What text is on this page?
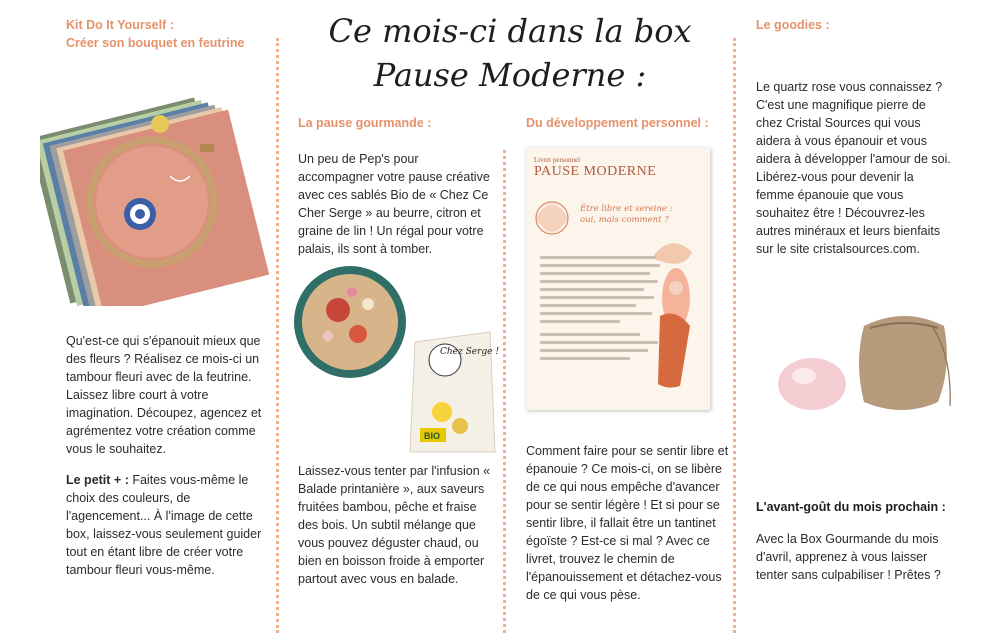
Ce mois-ci dans la box
Pause Moderne :
Kit Do It Yourself :
Créer son bouquet en feutrine
Qu'est-ce qui s'épanouit mieux que des fleurs ? Réalisez ce mois-ci un tambour fleuri avec de la feutrine. Laissez libre court à votre imagination. Découpez, agencez et agrémentez votre création comme vous le souhaitez.
Le petit + : Faites vous-même le choix des couleurs, de l'agencement... À l'image de cette box, laissez-vous seulement guider tout en étant libre de créer votre tambour fleuri vous-même.
La pause gourmande :
Un peu de Pep's pour accompagner votre pause créative avec ces sablés Bio de « Chez Ce Cher Serge » au beurre, citron et graine de lin ! Un régal pour votre palais, ils sont à tomber.
Chez Serge !
BIO
Laissez-vous tenter par l'infusion « Balade printanière », aux saveurs fruitées bambou, pêche et fraise des bois. Un subtil mélange que vous pouvez déguster chaud, ou bien en boisson froide à emporter partout avec vous en balade.
Du développement personnel :
Livret personnel
PAUSE MODERNE
Être libre et sereine : oui, mais comment ?
Comment faire pour se sentir libre et épanouie ? Ce mois-ci, on se libère de ce qui nous empêche d'avancer pour se sentir légère ! Et si pour se sentir libre, il fallait être un tantinet égoïste ? Est-ce si mal ? Avec ce livret, trouvez le chemin de l'épanouissement et détachez-vous de ce qui vous pèse.
Le goodies :
Le quartz rose vous connaissez ? C'est une magnifique pierre de chez Cristal Sources qui vous aidera à vous épanouir et vous aidera à développer l'amour de soi. Libérez-vous pour devenir la femme épanouie que vous souhaitez être ! Découvrez-les autres minéraux et leurs bienfaits sur le site cristalsources.com.
L'avant-goût du mois prochain :
Avec la Box Gourmande du mois d'avril, apprenez à vous laisser tenter sans culpabiliser ! Prêtes ?
